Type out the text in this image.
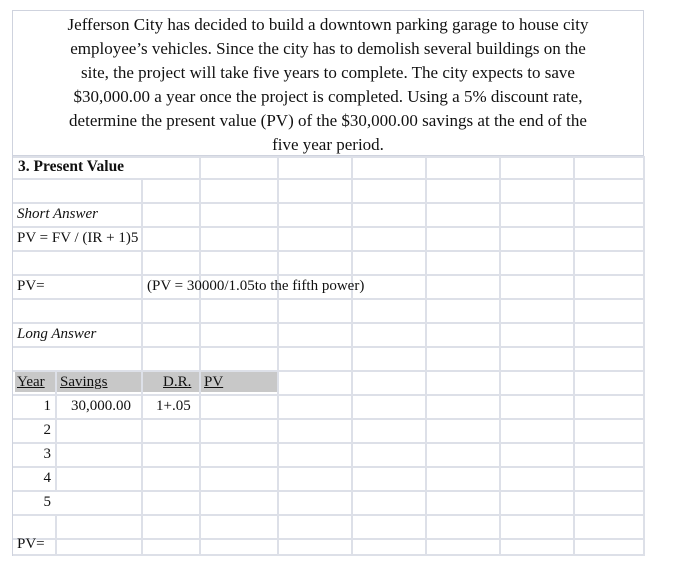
Jefferson City has decided to build a downtown parking garage to house city
employee’s vehicles. Since the city has to demolish several buildings on the
site, the project will take five years to complete. The city expects to save
$30,000.00 a year once the project is completed. Using a 5% discount rate,
determine the present value (PV) of the $30,000.00 savings at the end of the
five year period.
3. Present Value
Short Answer
PV = FV / (IR + 1)5
PV=	(PV = 30000/1.05to the fifth power)
Long Answer
Year Savings	D.R. PV
1 30,000.00 1+.05
2
3
4
5
PV=
